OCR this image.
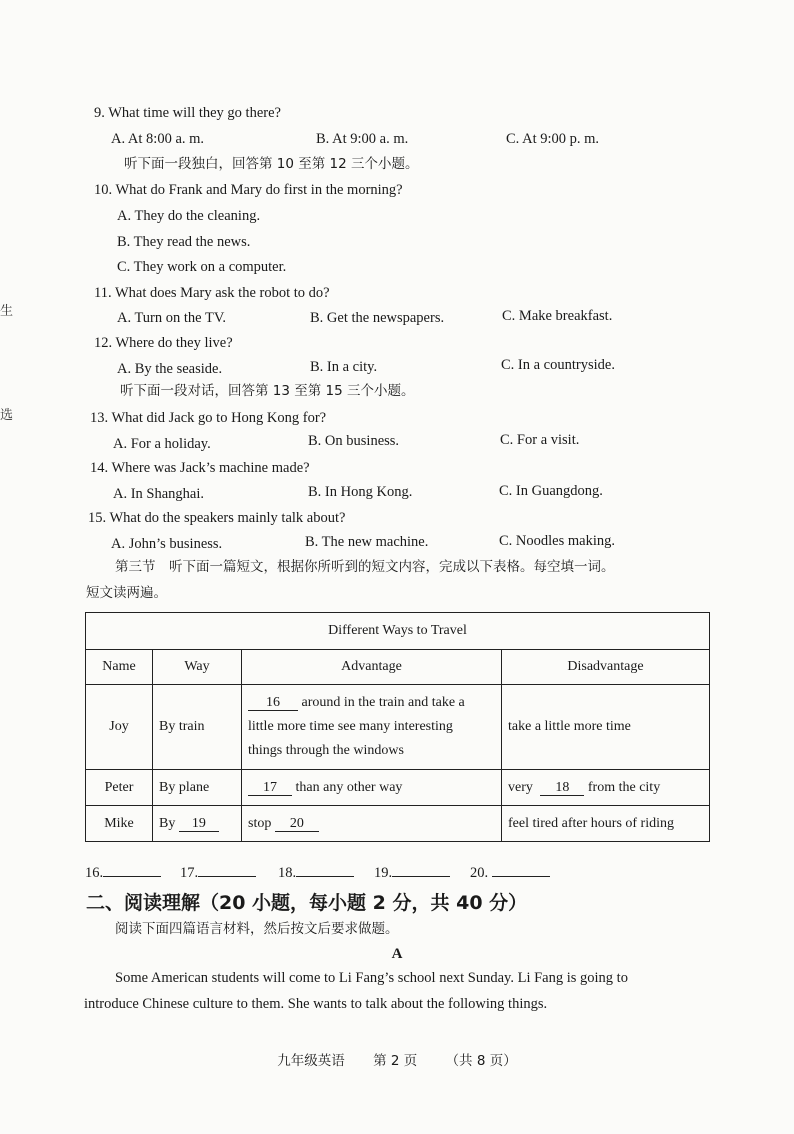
生
选
9. What time will they go there?
A. At 8:00 a. m.	B. At 9:00 a. m.	C. At 9:00 p. m.
听下面一段独白，回答第 10 至第 12 三个小题。
10. What do Frank and Mary do first in the morning?
A. They do the cleaning.
B. They read the news.
C. They work on a computer.
11. What does Mary ask the robot to do?
A. Turn on the TV.	B. Get the newspapers.	C. Make breakfast.
12. Where do they live?
A. By the seaside.	B. In a city.	C. In a countryside.
听下面一段对话，回答第 13 至第 15 三个小题。
13. What did Jack go to Hong Kong for?
A. For a holiday.	B. On business.	C. For a visit.
14. Where was Jack’s machine made?
A. In Shanghai.	B. In Hong Kong.	C. In Guangdong.
15. What do the speakers mainly talk about?
A. John’s business.	B. The new machine.	C. Noodles making.
第三节　听下面一篇短文，根据你所听到的短文内容，完成以下表格。每空填一词。
短文读两遍。
Different Ways to Travel			
Name	Way	Advantage	Disadvantage
Joy	By train	16 around in the train and take a
little more time see many interesting
things through the windows	take a little more time
Peter	By plane	17 than any other way	very 18 from the city
Mike	By 19	stop 20	feel tired after hours of riding
16.	17.	18.	19.	20.
二、阅读理解（20 小题，每小题 2 分，共 40 分）
阅读下面四篇语言材料，然后按文后要求做题。
A
Some American students will come to Li Fang’s school next Sunday. Li Fang is going to
introduce Chinese culture to them. She wants to talk about the following things.
九年级英语 第 2 页 （共 8 页）
